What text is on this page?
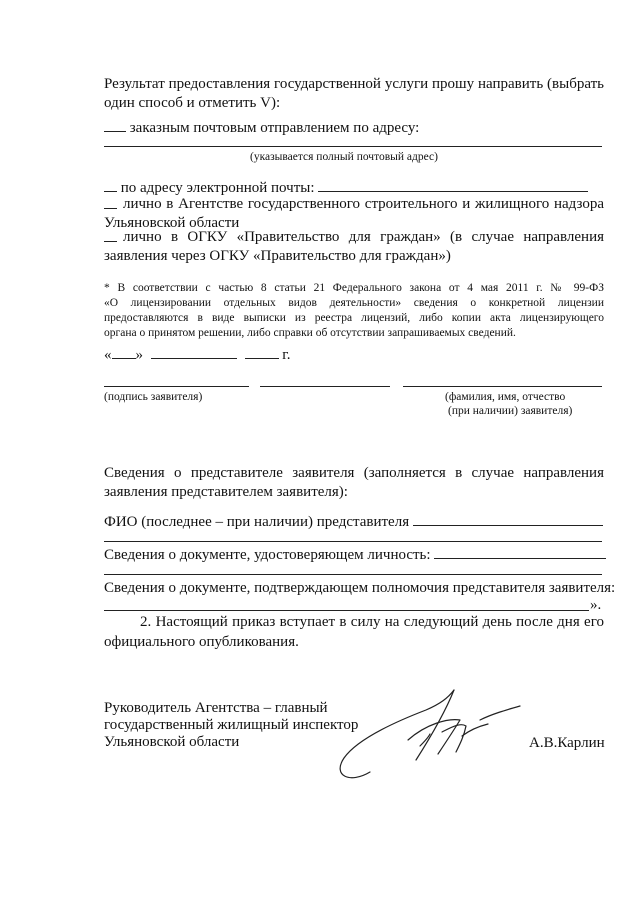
Результат предоставления государственной услуги прошу направить (выбрать
один способ и отметить V):
заказным почтовым отправлением по адресу:
(указывается полный почтовый адрес)
по адресу электронной почты:
лично в Агентстве государственного строительного и жилищного надзора
Ульяновской области
лично в ОГКУ «Правительство для граждан» (в случае направления
заявления через ОГКУ «Правительство для граждан»)
* В соответствии с частью 8 статьи 21 Федерального закона от 4 мая 2011 г. № 99-ФЗ
«О лицензировании отдельных видов деятельности» сведения о конкретной лицензии
предоставляются в виде выписки из реестра лицензий, либо копии акта лицензирующего
органа о принятом решении, либо справки об отсутствии запрашиваемых сведений.
« »	г.
(подпись заявителя)	(фамилия, имя, отчество
(при наличии) заявителя)
Сведения о представителе заявителя (заполняется в случае направления
заявления представителем заявителя):
ФИО (последнее – при наличии) представителя
Сведения о документе, удостоверяющем личность:
Сведения о документе, подтверждающем полномочия представителя заявителя:
».
2. Настоящий приказ вступает в силу на следующий день после дня его
официального опубликования.
Руководитель Агентства – главный
государственный жилищный инспектор
Ульяновской области	А.В.Карлин
